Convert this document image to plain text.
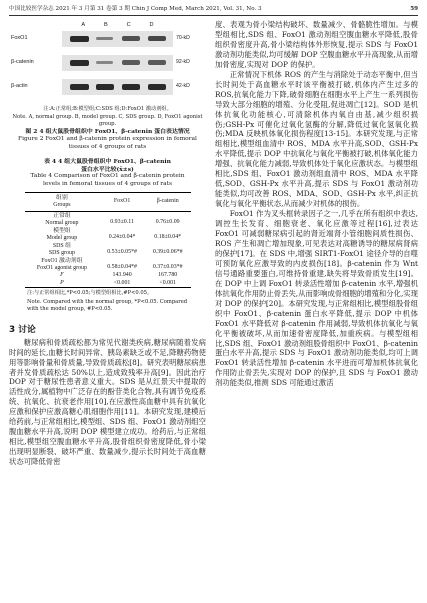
中国比较医学杂志 2021 年 3 月第 31 卷第 3 期 Chin J Comp Med, March 2021, Vol. 31, No. 3	59
A	B	C	D
FoxO1	70-kD
β-catenin	92-kD
β-actin	42-kD

注:A:正常组;B:模型组;C:SDS 组;D:FoxO1 激动剂组。

Note. A, normal group. B, model group. C, SDS group. D, FoxO1 agonist group.

图 2 4 组大鼠股骨组织中 FoxO1、β-catenin 蛋白表达情况

Figure 2 FoxO1 and β-catenin protein expression in femoral tissues of 4 groups of rats

表 4 4 组大鼠股骨组织中 FoxO1、β-catenin

蛋白水平比较(x̄±s)

Table 4 Comparison of FoxO1 and β-catenin protein

levels in femoral tissues of 4 groups of rats

组别
Groups	FoxO1	β-catenin

正常组
Normal group	0.93±0.11	0.76±0.09

模型组
Model group	0.24±0.04*	0.18±0.04*

SDS 组
SDS group	0.53±0.05*#	0.39±0.06*#

FoxO1 激动剂组
FoxO1 agonist group	0.58±0.04*#	0.37±0.03*#
F	143.940	167.780
P	<0.001	<0.001

注:与正常组相比,*P<0.05;与模型组相比,#P<0.05。

Note. Compared with the normal group, *P<0.05. Compared with the model group, #P<0.05.

3 讨论

糖尿病和骨质疏松都为常见代谢类疾病,糖尿病随着发病时间的延长,血糖长时间异常、胰岛素缺乏或不足,降糖药物使用等影响骨量和骨质量,导致骨质疏松[8]。研究表明糖尿病患者并发骨质疏松达 50%以上,造成致残率升高[9]。因此治疗 DOP 对于糖尿性患者意义重大。SDS 是从红景天中提取的活性成分,属植物中广泛存在的酚苷类化合物,具有调节免疫系统、抗氧化、抗衰老作用[10],在应激性高血糖中具有抗氧化应激和保护应激高糖心肌细胞作用[11]。本研究发现,建模后给药前,与正常组相比,模型组、SDS 组、FoxO1 激动剂组空腹血糖水平升高,说明 DOP 模型建立成功。给药后,与正常组相比,模型组空腹血糖水平升高,股骨组织骨密度降低,骨小梁出现明显断裂、破坏严重、数量减少,提示长时间处于高血糖状态可降低骨密

度、表观为骨小梁结构破坏、数量减少、骨骼脆性增加。与模型组相比,SDS 组、FoxO1 激动剂组空腹血糖水平降低,股骨组织骨密度升高,骨小梁结构体外形恢复,提示 SDS 与 FoxO1 激动剂功能类似,均可缓解 DOP 空腹血糖水平升高现象,从而增加骨密度,实现对 DOP 的保护。

正常情况下机体 ROS 的产生与消除处于动态平衡中,但当长时间处于高血糖水平时该平衡被打破,机体内产生过多的 ROS,抗氧化能力下降,破骨细胞在细胞水平上产生一系列损伤导致大部分细胞的增殖、分化受阻,促进凋亡[12]。SOD 是机体抗氧化功能核心,可清除机体内氧自由基,减少组织损伤;GSH-Px 可催化过氧化氢酶的分解,降低过氧化氢氧化损伤;MDA 反映机体氧化损伤程度[13-15]。本研究发现,与正常组相比,模型组血清中 ROS、MDA 水平升高,SOD、GSH-Px 水平降低,提示 DOP 中抗氧化与氧化平衡被打破,机体氧化能力增强、抗氧化能力减弱,导致机体处于氧化应激状态。与模型组相比,SDS 组、FoxO1 激动剂组血清中 ROS、MDA 水平降低,SOD、GSH-Px 水平升高,提示 SDS 与 FoxO1 激动剂功能类似,均可改善 ROS、MDA、SOD、GSH-Px 水平,纠正抗氧化与氧化平衡状态,从而减少对机体的损伤。

FoxO1 作为叉头框转录因子之一,几乎在所有组织中表达,调控生长发育、细胞衰老、氧化应激等过程[16],过表达 FoxO1 可减弱糖尿病引起的肾近端肾小管细胞间质性损伤、ROS 产生和凋亡增加现象,可见表达对高糖诱导的糖尿病肾病的保护[17]。在 SDS 中,增强 SIRT1-FoxO1 途径介导的自噬可预防氧化应激导致的内皮损伤[18]。β-catenin 作为 Wnt 信号通路重要蛋白,可维持骨重建,缺失将导致骨质发生[19]。在 DOP 中上调 FoxO1 转录活性增加 β-catenin 水平,增强机体抗氧化作用防止骨丢失,从而影响成骨细胞的增殖和分化,实现对 DOP 的保护[20]。本研究发现,与正常组相比,模型组股骨组织中 FoxO1、β-catenin 蛋白水平降低,提示 DOP 中机体 FoxO1 水平降低对 β-catenin 作用减弱,导致机体抗氧化与氧化平衡被破坏,从而加速骨密度降低,加重疾病。与模型组相比,SDS 组、FoxO1 激动剂组股骨组织中 FoxO1、β-catenin 蛋白水平升高,提示 SDS 与 FoxO1 激动剂功能类似,均可上调 FoxO1 转录活性增加 β-catenin 水平进而可增加机体抗氧化作用防止骨丢失,实现对 DOP 的保护,且 SDS 与 FoxO1 激动剂功能类似,推测 SDS 可能通过激活
